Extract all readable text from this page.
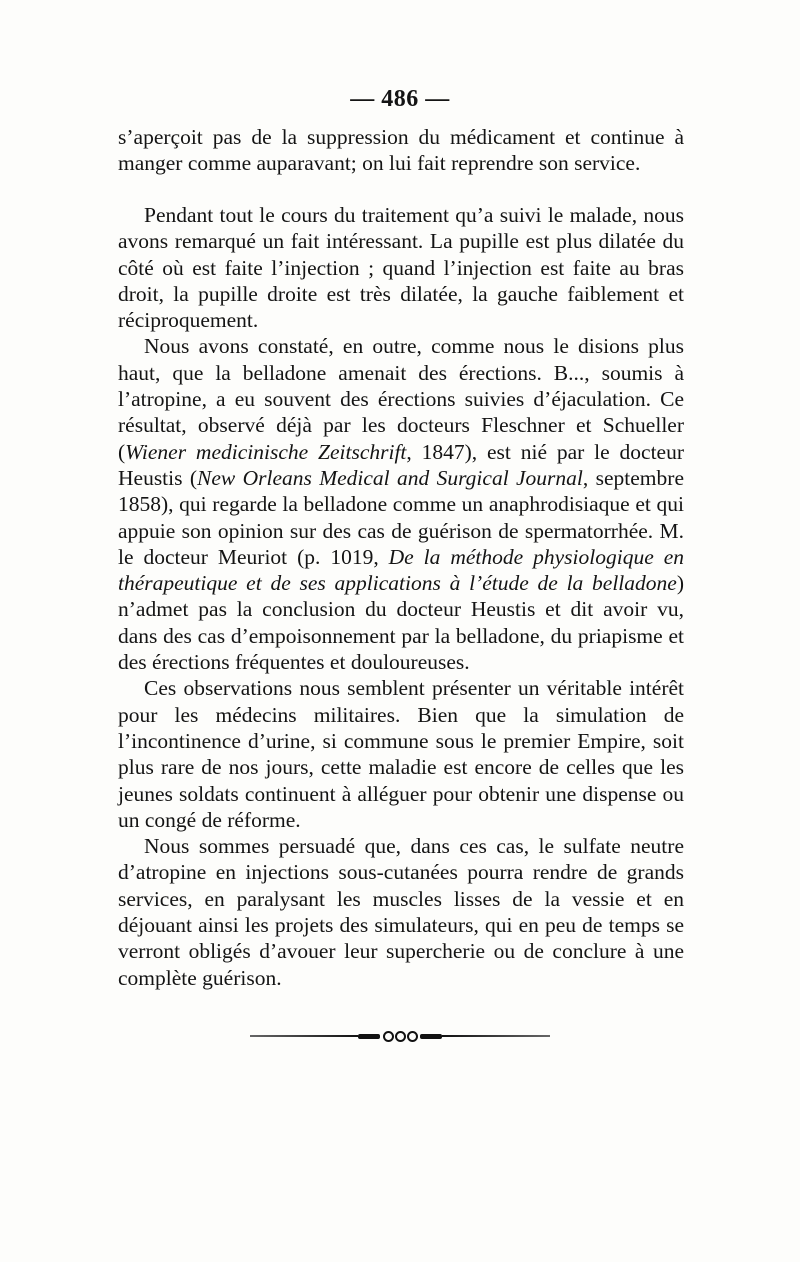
— 486 —

s’aperçoit pas de la suppression du médicament et continue à manger comme auparavant; on lui fait reprendre son service.

Pendant tout le cours du traitement qu’a suivi le malade, nous avons remarqué un fait intéressant. La pupille est plus dilatée du côté où est faite l’injection ; quand l’injection est faite au bras droit, la pupille droite est très dilatée, la gauche faiblement et réciproquement.

Nous avons constaté, en outre, comme nous le disions plus haut, que la belladone amenait des érections. B..., soumis à l’atropine, a eu souvent des érections suivies d’éjaculation. Ce résultat, observé déjà par les docteurs Fleschner et Schueller (Wiener medicinische Zeitschrift, 1847), est nié par le docteur Heustis (New Orleans Medical and Surgical Journal, septembre 1858), qui regarde la belladone comme un anaphrodisiaque et qui appuie son opinion sur des cas de guérison de spermatorrhée. M. le docteur Meuriot (p. 1019, De la méthode physiologique en thérapeutique et de ses applications à l’étude de la belladone) n’admet pas la conclusion du docteur Heustis et dit avoir vu, dans des cas d’empoisonnement par la belladone, du priapisme et des érections fréquentes et douloureuses.

Ces observations nous semblent présenter un véritable intérêt pour les médecins militaires. Bien que la simulation de l’incontinence d’urine, si commune sous le premier Empire, soit plus rare de nos jours, cette maladie est encore de celles que les jeunes soldats continuent à alléguer pour obtenir une dispense ou un congé de réforme.

Nous sommes persuadé que, dans ces cas, le sulfate neutre d’atropine en injections sous-cutanées pourra rendre de grands services, en paralysant les muscles lisses de la vessie et en déjouant ainsi les projets des simulateurs, qui en peu de temps se verront obligés d’avouer leur supercherie ou de conclure à une complète guérison.
